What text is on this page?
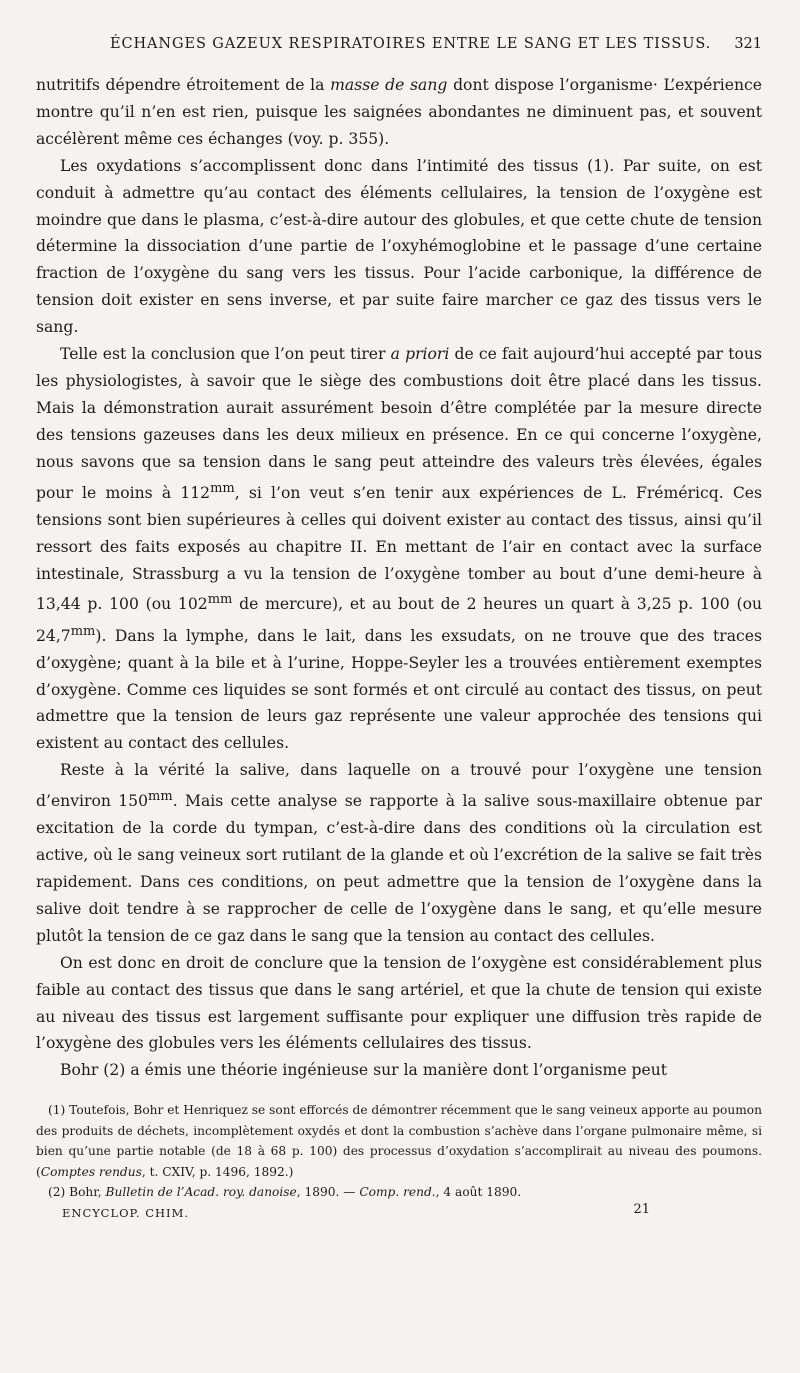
ÉCHANGES GAZEUX RESPIRATOIRES ENTRE LE SANG ET LES TISSUS. 321

nutritifs dépendre étroitement de la masse de sang dont dispose l’organisme· L’expérience montre qu’il n’en est rien, puisque les saignées abondantes ne diminuent pas, et souvent accélèrent même ces échanges (voy. p. 355).

Les oxydations s’accomplissent donc dans l’intimité des tissus (1). Par suite, on est conduit à admettre qu’au contact des éléments cellulaires, la tension de l’oxygène est moindre que dans le plasma, c’est-à-dire autour des globules, et que cette chute de tension détermine la dissociation d’une partie de l’oxyhémoglobine et le passage d’une certaine fraction de l’oxygène du sang vers les tissus. Pour l’acide carbonique, la différence de tension doit exister en sens inverse, et par suite faire marcher ce gaz des tissus vers le sang.

Telle est la conclusion que l’on peut tirer a priori de ce fait aujourd’hui accepté par tous les physiologistes, à savoir que le siège des combustions doit être placé dans les tissus. Mais la démonstration aurait assurément besoin d’être complétée par la mesure directe des tensions gazeuses dans les deux milieux en présence. En ce qui concerne l’oxygène, nous savons que sa tension dans le sang peut atteindre des valeurs très élevées, égales pour le moins à $112^{mm}$, si l’on veut s’en tenir aux expériences de L. Fréméricq. Ces tensions sont bien supérieures à celles qui doivent exister au contact des tissus, ainsi qu’il ressort des faits exposés au chapitre II. En mettant de l’air en contact avec la surface intestinale, Strassburg a vu la tension de l’oxygène tomber au bout d’une demi-heure à 13,44 p. 100 (ou $102^{mm}$ de mercure), et au bout de 2 heures un quart à 3,25 p. 100 (ou $24,7^{mm}$). Dans la lymphe, dans le lait, dans les exsudats, on ne trouve que des traces d’oxygène; quant à la bile et à l’urine, Hoppe-Seyler les a trouvées entièrement exemptes d’oxygène. Comme ces liquides se sont formés et ont circulé au contact des tissus, on peut admettre que la tension de leurs gaz représente une valeur approchée des tensions qui existent au contact des cellules.

Reste à la vérité la salive, dans laquelle on a trouvé pour l’oxygène une tension d’environ $150^{mm}$. Mais cette analyse se rapporte à la salive sous-maxillaire obtenue par excitation de la corde du tympan, c’est-à-dire dans des conditions où la circulation est active, où le sang veineux sort rutilant de la glande et où l’excrétion de la salive se fait très rapidement. Dans ces conditions, on peut admettre que la tension de l’oxygène dans la salive doit tendre à se rapprocher de celle de l’oxygène dans le sang, et qu’elle mesure plutôt la tension de ce gaz dans le sang que la tension au contact des cellules.

On est donc en droit de conclure que la tension de l’oxygène est considérablement plus faible au contact des tissus que dans le sang artériel, et que la chute de tension qui existe au niveau des tissus est largement suffisante pour expliquer une diffusion très rapide de l’oxygène des globules vers les éléments cellulaires des tissus.

Bohr (2) a émis une théorie ingénieuse sur la manière dont l’organisme peut

(1) Toutefois, Bohr et Henriquez se sont efforcés de démontrer récemment que le sang veineux apporte au poumon des produits de déchets, incomplètement oxydés et dont la combustion s’achève dans l’organe pulmonaire même, si bien qu’une partie notable (de 18 à 68 p. 100) des processus d’oxydation s’accomplirait au niveau des poumons. (Comptes rendus, t. CXIV, p. 1496, 1892.)

(2) Bohr, Bulletin de l’Acad. roy. danoise, 1890. — Comp. rend., 4 août 1890.

ENCYCLOP. CHIM.	21
